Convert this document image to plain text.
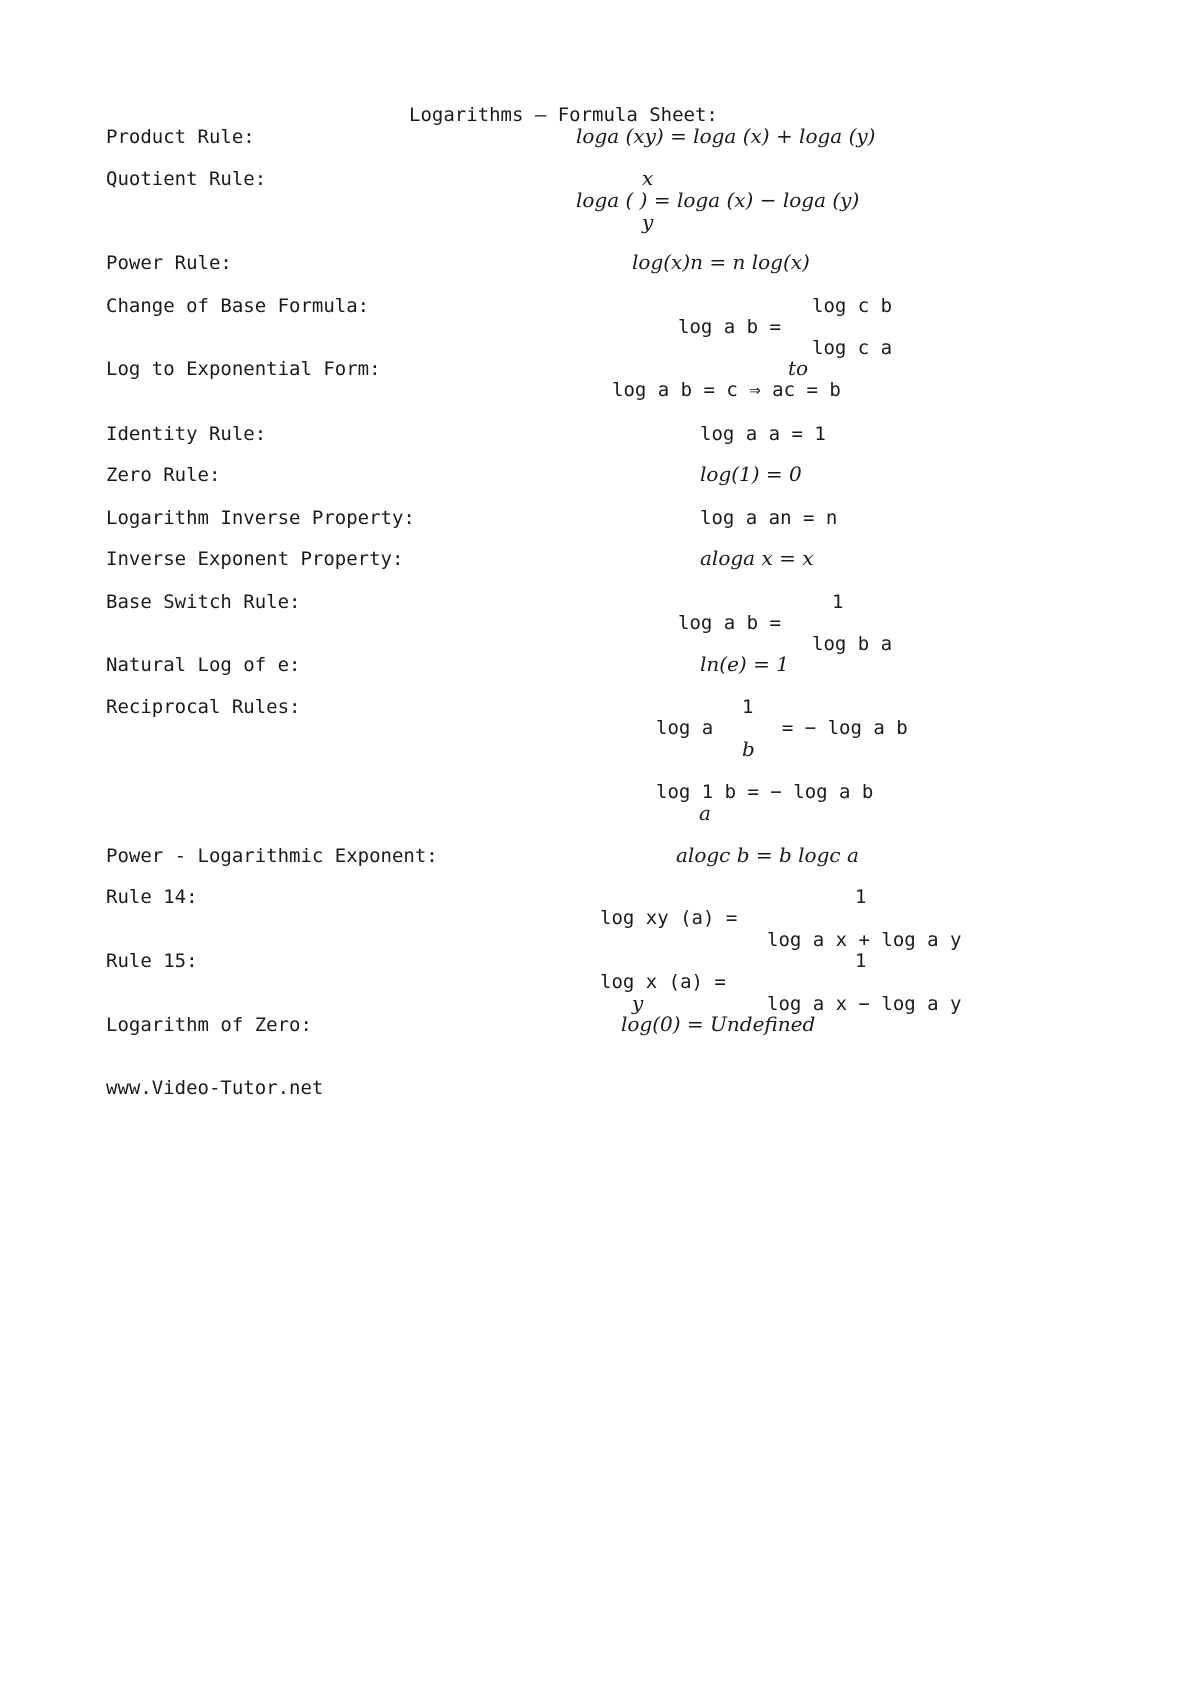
Logarithms – Formula Sheet:
Product Rule:	loga (xy) = loga (x) + loga (y)
Quotient Rule:	x
loga ( ) = loga (x) − loga (y)
y
Power Rule:	log(x)n = n log(x)
Change of Base Formula:	log c b
log a b =
log c a
Log to Exponential Form:	to
log a b = c ⇒ ac = b
Identity Rule:	log a a = 1
Zero Rule:	log(1) = 0
Logarithm Inverse Property:	log a an = n
Inverse Exponent Property:	aloga x = x
Base Switch Rule:	1
log a b =
log b a
Natural Log of e:	ln(e) = 1
Reciprocal Rules:	1
log a      = − log a b
b
log 1 b = − log a b
a
Power - Logarithmic Exponent:	alogc b = b logc a
Rule 14:	1
log xy (a) =
log a x + log a y
Rule 15:	1
log x (a) =
y	log a x − log a y
Logarithm of Zero:	log(0) = Undefined
www.Video-Tutor.net
